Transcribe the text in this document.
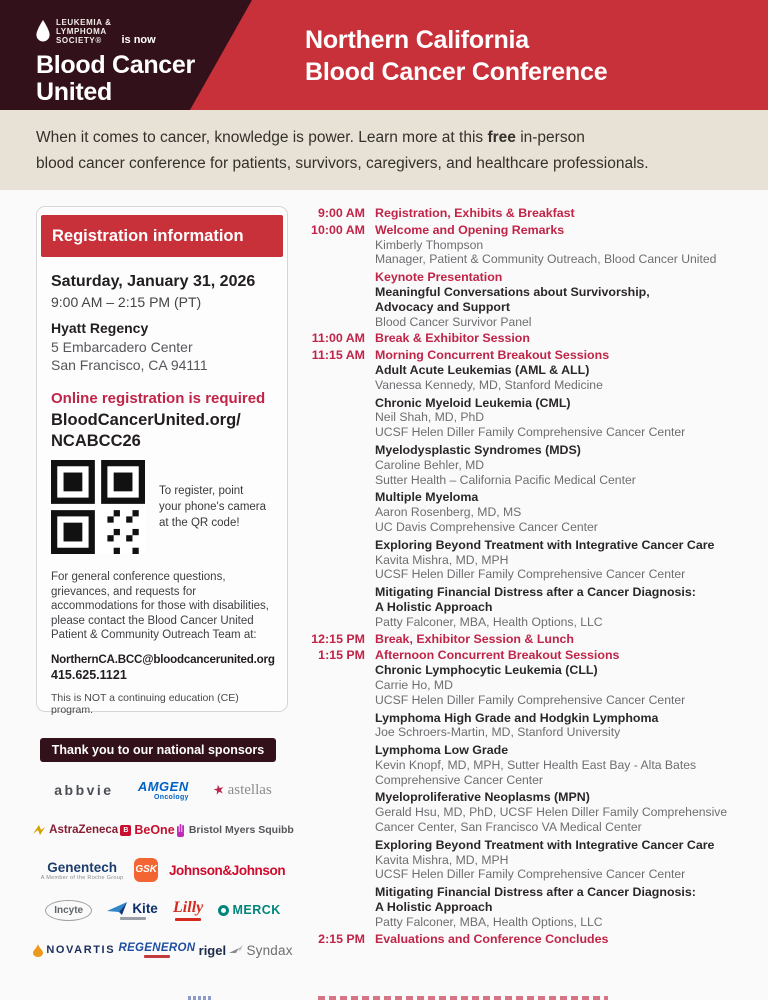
LEUKEMIA &
LYMPHOMA
SOCIETY®	is now
Blood Cancer
United
Northern California
Blood Cancer Conference
When it comes to cancer, knowledge is power. Learn more at this free in-person
blood cancer conference for patients, survivors, caregivers, and healthcare professionals.
Registration information
Saturday, January 31, 2026
9:00 AM – 2:15 PM (PT)
Hyatt Regency
5 Embarcadero Center
San Francisco, CA 94111
Online registration is required
BloodCancerUnited.org/
NCABCC26
To register, point
your phone's camera
at the QR code!
For general conference questions, grievances, and requests for accommodations for those with disabilities, please contact the Blood Cancer United Patient & Community Outreach Team at:
NorthernCA.BCC@bloodcancerunited.org
415.625.1121
This is NOT a continuing education (CE) program.
Thank you to our national sponsors
abbvie AMGEN
Oncology ★ astellas
AstraZeneca B BeOne Bristol Myers Squibb
Genentech
A Member of the Roche Group
GSK Johnson&Johnson
Incyte	Kite Lilly MERCK
NOVARTIS REGENERON rigel Syndax
9:00 AM Registration, Exhibits & Breakfast
10:00 AM Welcome and Opening Remarks
Kimberly Thompson
Manager, Patient & Community Outreach, Blood Cancer United
Keynote Presentation
Meaningful Conversations about Survivorship,
Advocacy and Support
Blood Cancer Survivor Panel
11:00 AM Break & Exhibitor Session
11:15 AM Morning Concurrent Breakout Sessions
Adult Acute Leukemias (AML & ALL)
Vanessa Kennedy, MD, Stanford Medicine
Chronic Myeloid Leukemia (CML)
Neil Shah, MD, PhD
UCSF Helen Diller Family Comprehensive Cancer Center
Myelodysplastic Syndromes (MDS)
Caroline Behler, MD
Sutter Health – California Pacific Medical Center
Multiple Myeloma
Aaron Rosenberg, MD, MS
UC Davis Comprehensive Cancer Center
Exploring Beyond Treatment with Integrative Cancer Care
Kavita Mishra, MD, MPH
UCSF Helen Diller Family Comprehensive Cancer Center
Mitigating Financial Distress after a Cancer Diagnosis:
A Holistic Approach
Patty Falconer, MBA, Health Options, LLC
12:15 PM Break, Exhibitor Session & Lunch
1:15 PM Afternoon Concurrent Breakout Sessions
Chronic Lymphocytic Leukemia (CLL)
Carrie Ho, MD
UCSF Helen Diller Family Comprehensive Cancer Center
Lymphoma High Grade and Hodgkin Lymphoma
Joe Schroers-Martin, MD, Stanford University
Lymphoma Low Grade
Kevin Knopf, MD, MPH, Sutter Health East Bay - Alta Bates
Comprehensive Cancer Center
Myeloproliferative Neoplasms (MPN)
Gerald Hsu, MD, PhD, UCSF Helen Diller Family Comprehensive
Cancer Center, San Francisco VA Medical Center
Exploring Beyond Treatment with Integrative Cancer Care
Kavita Mishra, MD, MPH
UCSF Helen Diller Family Comprehensive Cancer Center
Mitigating Financial Distress after a Cancer Diagnosis:
A Holistic Approach
Patty Falconer, MBA, Health Options, LLC
2:15 PM Evaluations and Conference Concludes
